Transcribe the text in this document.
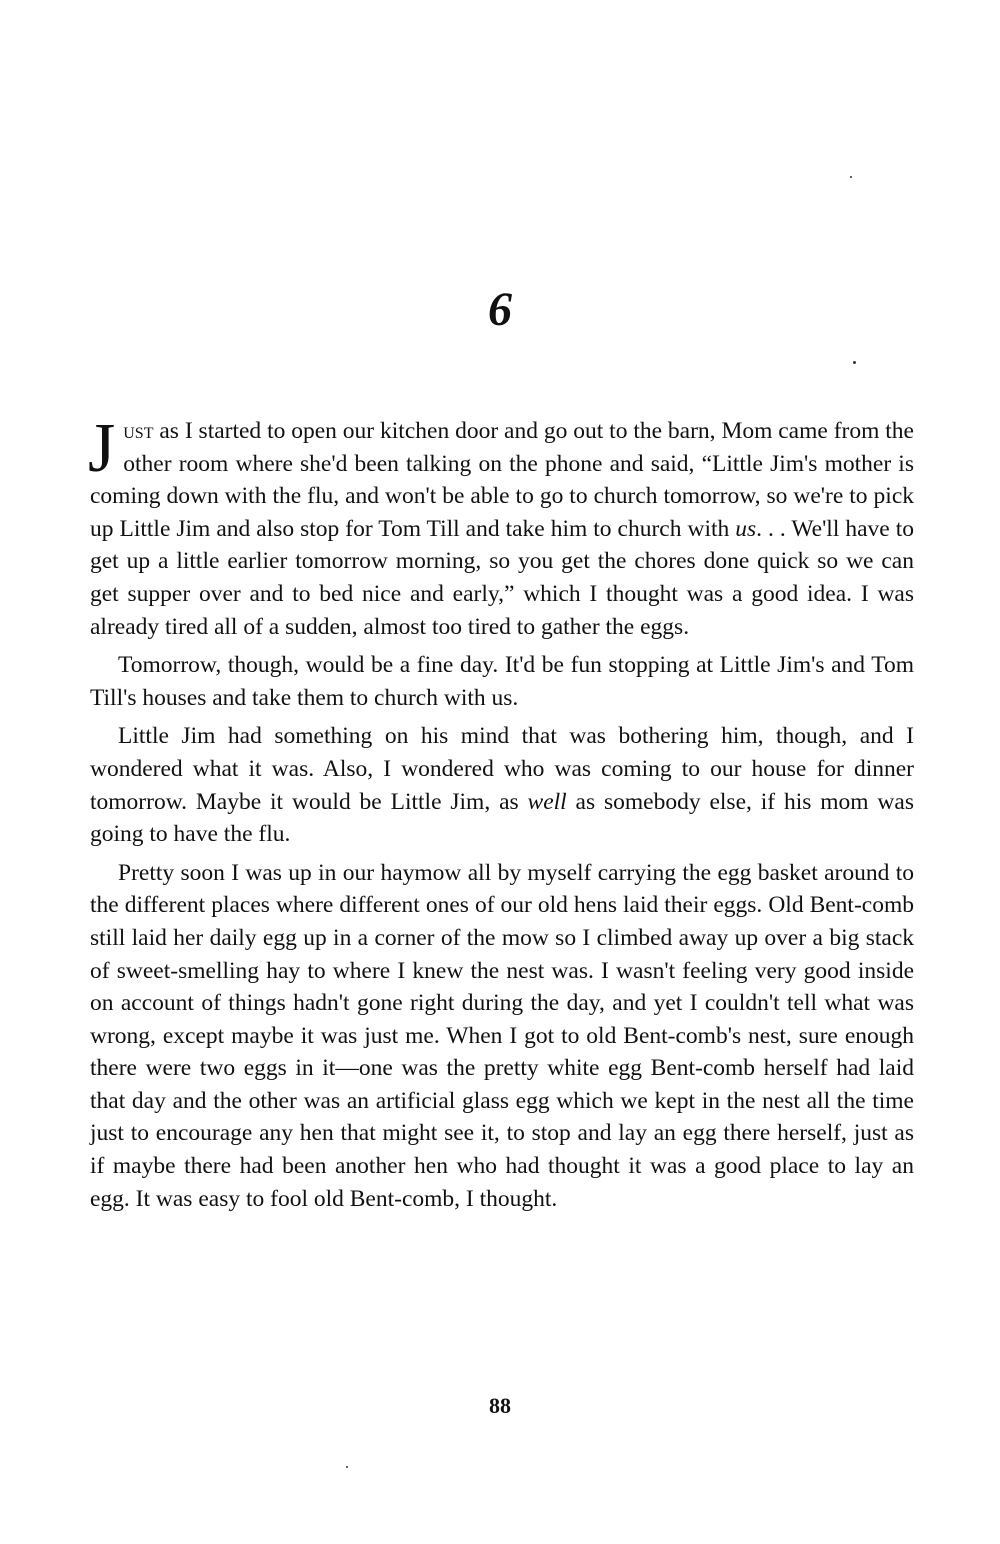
6

Just as I started to open our kitchen door and go out to the barn, Mom came from the other room where she'd been talking on the phone and said, “Little Jim's mother is coming down with the flu, and won't be able to go to church tomorrow, so we're to pick up Little Jim and also stop for Tom Till and take him to church with us. . . We'll have to get up a little earlier tomorrow morning, so you get the chores done quick so we can get supper over and to bed nice and early,” which I thought was a good idea. I was already tired all of a sudden, almost too tired to gather the eggs.

Tomorrow, though, would be a fine day. It'd be fun stopping at Little Jim's and Tom Till's houses and take them to church with us.

Little Jim had something on his mind that was bothering him, though, and I wondered what it was. Also, I wondered who was coming to our house for dinner tomorrow. Maybe it would be Little Jim, as well as somebody else, if his mom was going to have the flu.

Pretty soon I was up in our haymow all by myself carrying the egg basket around to the different places where different ones of our old hens laid their eggs. Old Bent-comb still laid her daily egg up in a corner of the mow so I climbed away up over a big stack of sweet-smelling hay to where I knew the nest was. I wasn't feeling very good inside on account of things hadn't gone right during the day, and yet I couldn't tell what was wrong, except maybe it was just me. When I got to old Bent-comb's nest, sure enough there were two eggs in it—one was the pretty white egg Bent-comb herself had laid that day and the other was an artificial glass egg which we kept in the nest all the time just to encourage any hen that might see it, to stop and lay an egg there herself, just as if maybe there had been another hen who had thought it was a good place to lay an egg. It was easy to fool old Bent-comb, I thought.

88
